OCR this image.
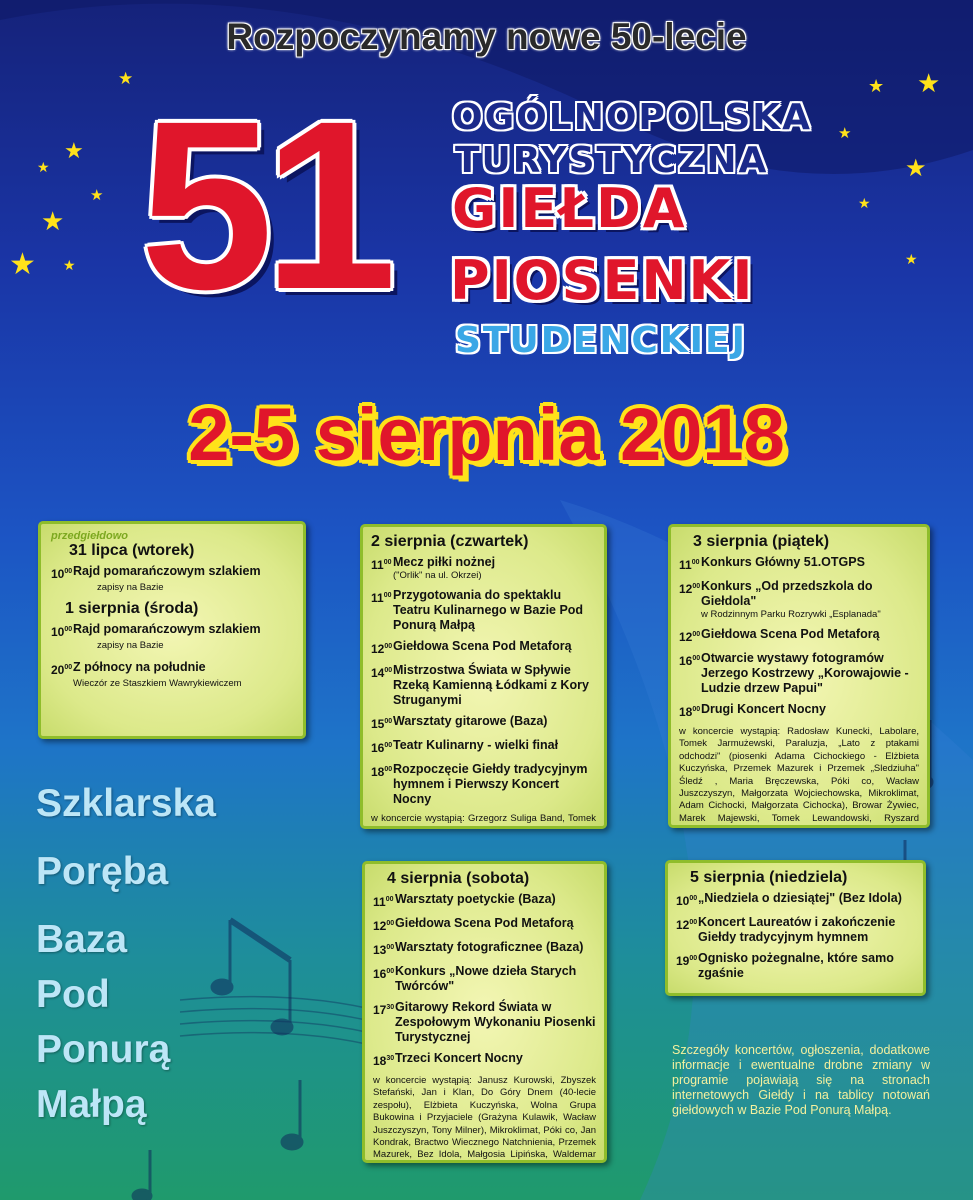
★
★
★
★
★ ★
★	★ ★
★
★
★
★
Rozpoczynamy nowe 50-lecie
51 OGÓLNOPOLSKA
TURYSTYCZNA
GIEŁDA
PIOSENKI
STUDENCKIEJ
2-5 sierpnia 2018
przedgiełdowo
31 lipca (wtorek)
$10^{00}$ Rajd pomarańczowym szlakiem
zapisy na Bazie
1 sierpnia (środa)
$10^{00}$ Rajd pomarańczowym szlakiem
zapisy na Bazie
$20^{00}$ Z północy na południe
Wieczór ze Staszkiem Wawrykiewiczem
2 sierpnia (czwartek)
$11^{00}$ Mecz piłki nożnej
("Orlik" na ul. Okrzei)
$11^{00}$ Przygotowania do spektaklu Teatru Kulinarnego w Bazie Pod Ponurą Małpą
$12^{00}$ Giełdowa Scena Pod Metaforą
$14^{00}$ Mistrzostwa Świata w Spływie Rzeką Kamienną Łódkami z Kory Struganymi
$15^{00}$ Warsztaty gitarowe (Baza)
$16^{00}$ Teatr Kulinarny - wielki finał
$18^{00}$ Rozpoczęcie Giełdy tradycyjnym hymnem i Pierwszy Koncert Nocny
w koncercie wystąpią: Grzegorz Suliga Band, Tomek
3 sierpnia (piątek)
$11^{00}$ Konkurs Główny 51.OTGPS
$12^{00}$ Konkurs „Od przedszkola do Giełdola"
w Rodzinnym Parku Rozrywki „Esplanada"
$12^{00}$ Giełdowa Scena Pod Metaforą
$16^{00}$ Otwarcie wystawy fotogramów Jerzego Kostrzewy „Korowajowie - Ludzie drzew Papui"
$18^{00}$ Drugi Koncert Nocny
w koncercie wystąpią: Radosław Kunecki, Labolare, Tomek Jarmużewski, Paraluzja, „Lato z ptakami odchodzi" (piosenki Adama Cichockiego - Elżbieta Kuczyńska, Przemek Mazurek i Przemek „Sledziuha" Śledź , Maria Bręczewska, Póki co, Wacław Juszczyszyn, Małgorzata Wojciechowska, Mikroklimat, Adam Cichocki, Małgorzata Cichocka), Browar Żywiec, Marek Majewski, Tomek Lewandowski, Ryszard
4 sierpnia (sobota)
$11^{00}$ Warsztaty poetyckie (Baza)
$12^{00}$ Giełdowa Scena Pod Metaforą
$13^{00}$ Warsztaty fotograficznee (Baza)
$16^{00}$ Konkurs „Nowe dzieła Starych Twórców"
$17^{30}$ Gitarowy Rekord Świata w Zespołowym Wykonaniu Piosenki Turystycznej
$18^{30}$ Trzeci Koncert Nocny
w koncercie wystąpią: Janusz Kurowski, Zbyszek Stefański, Jan i Klan, Do Góry Dnem (40-lecie zespołu), Elżbieta Kuczyńska, Wolna Grupa Bukowina i Przyjaciele (Grażyna Kulawik, Wacław Juszczyszyn, Tony Milner), Mikroklimat, Póki co, Jan Kondrak, Bractwo Wiecznego Natchnienia, Przemek Mazurek, Bez Idola, Małgosia Lipińska, Waldemar
5 sierpnia (niedziela)
$10^{00}$ „Niedziela o dziesiątej" (Bez Idola)
$12^{00}$ Koncert Laureatów i zakończenie Giełdy tradycyjnym hymnem
$19^{00}$ Ognisko pożegnalne, które samo zgaśnie
Szklarska
Poręba
Baza
Pod
Ponurą
Małpą
Szczegóły koncertów, ogłoszenia, dodatkowe informacje i ewentualne drobne zmiany w programie pojawiają się na stronach internetowych Giełdy i na tablicy notowań giełdowych w Bazie Pod Ponurą Małpą.
